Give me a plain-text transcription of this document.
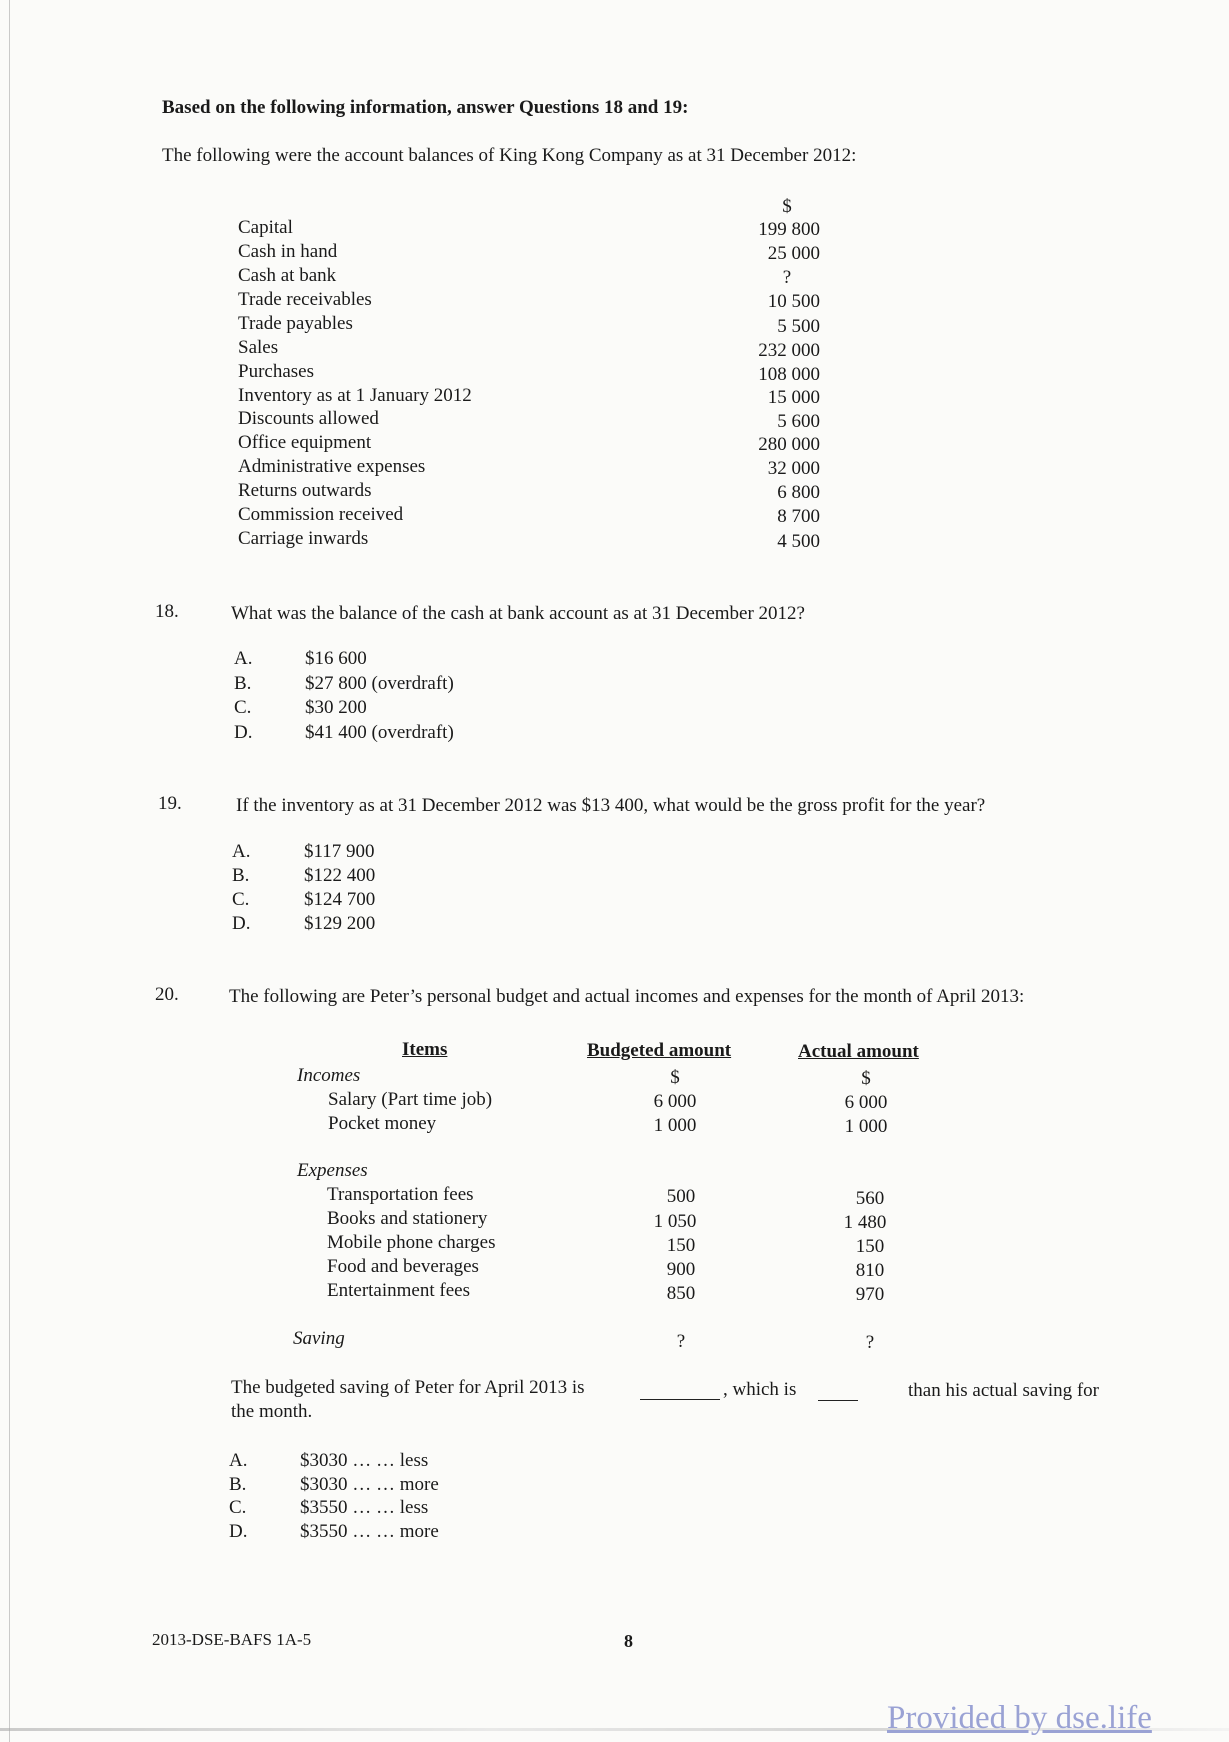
Based on the following information, answer Questions 18 and 19:
The following were the account balances of King Kong Company as at 31 December 2012:
$
Capital	199 800
Cash in hand	25 000
Cash at bank	?
Trade receivables	10 500
Trade payables	5 500
Sales	232 000
Purchases	108 000
Inventory as at 1 January 2012	15 000
Discounts allowed	5 600
Office equipment	280 000
Administrative expenses	32 000
Returns outwards	6 800
Commission received	8 700
Carriage inwards	4 500
18.	What was the balance of the cash at bank account as at 31 December 2012?
A.	$16 600
B.	$27 800 (overdraft)
C.	$30 200
D.	$41 400 (overdraft)
19.	If the inventory as at 31 December 2012 was $13 400, what would be the gross profit for the year?
A.	$117 900
B.	$122 400
C.	$124 700
D.	$129 200
20.	The following are Peter’s personal budget and actual incomes and expenses for the month of April 2013:
Items	Budgeted amount	Actual amount
Incomes	$	$
Salary (Part time job)	6 000	6 000
Pocket money	1 000	1 000
Expenses
Transportation fees	500	560
Books and stationery	1 050	1 480
Mobile phone charges	150	150
Food and beverages	900	810
Entertainment fees	850	970
Saving	?	?
The budgeted saving of Peter for April 2013 is	, which is	than his actual saving for
the month.
A.	$3030 … … less
B.	$3030 … … more
C.	$3550 … … less
D.	$3550 … … more
2013-DSE-BAFS 1A-5	8
Provided by dse.life
